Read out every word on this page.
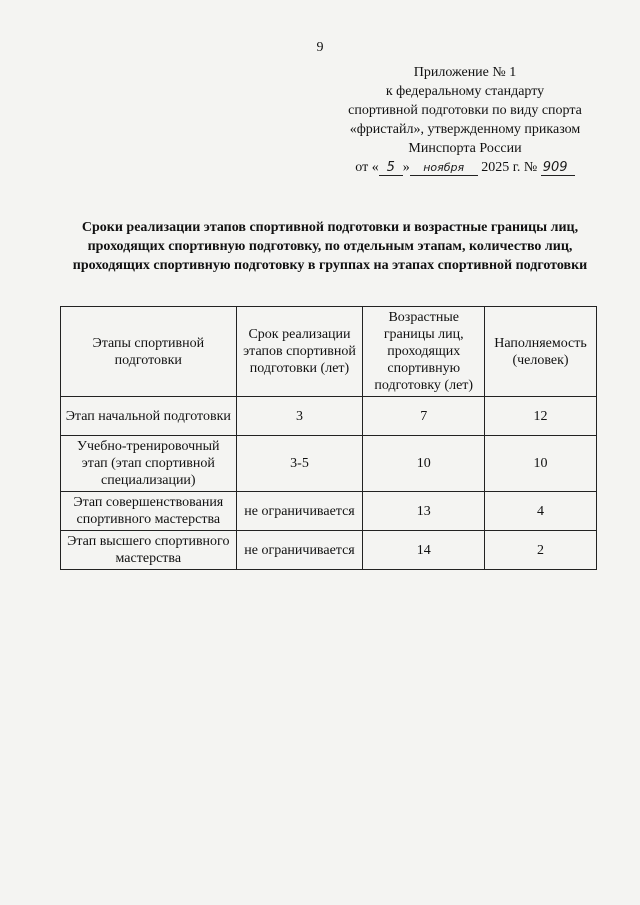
9
Приложение № 1
к федеральному стандарту
спортивной подготовки по виду спорта
«фристайл», утвержденному приказом
Минспорта России
от « 5 » ноября 2025 г. № 909
Сроки реализации этапов спортивной подготовки и возрастные границы лиц, проходящих спортивную подготовку, по отдельным этапам, количество лиц, проходящих спортивную подготовку в группах на этапах спортивной подготовки
Этапы спортивной подготовки	Срок реализации этапов спортивной подготовки (лет)	Возрастные границы лиц, проходящих спортивную подготовку (лет)	Наполняемость (человек)
Этап начальной подготовки	3	7	12
Учебно-тренировочный этап (этап спортивной специализации)	3-5	10	10
Этап совершенствования спортивного мастерства	не ограничивается	13	4
Этап высшего спортивного мастерства	не ограничивается	14	2
